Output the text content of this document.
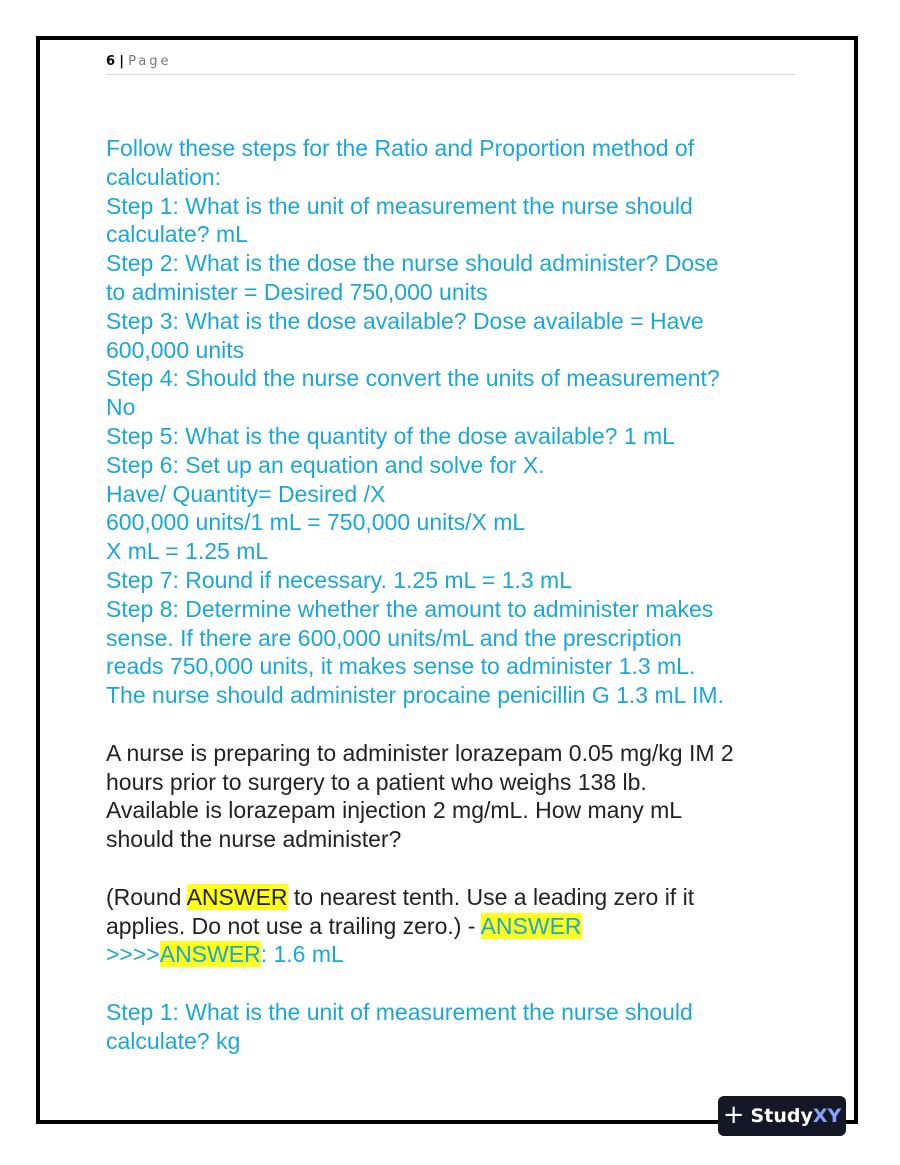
6 | Page

Follow these steps for the Ratio and Proportion method of

calculation:

Step 1: What is the unit of measurement the nurse should

calculate? mL

Step 2: What is the dose the nurse should administer? Dose

to administer = Desired 750,000 units

Step 3: What is the dose available? Dose available = Have

600,000 units

Step 4: Should the nurse convert the units of measurement?

No

Step 5: What is the quantity of the dose available? 1 mL

Step 6: Set up an equation and solve for X.

Have/ Quantity= Desired /X

600,000 units/1 mL = 750,000 units/X mL

X mL = 1.25 mL

Step 7: Round if necessary. 1.25 mL = 1.3 mL

Step 8: Determine whether the amount to administer makes

sense. If there are 600,000 units/mL and the prescription

reads 750,000 units, it makes sense to administer 1.3 mL.

The nurse should administer procaine penicillin G 1.3 mL IM.

A nurse is preparing to administer lorazepam 0.05 mg/kg IM 2

hours prior to surgery to a patient who weighs 138 lb.

Available is lorazepam injection 2 mg/mL. How many mL

should the nurse administer?

(Round ANSWER to nearest tenth. Use a leading zero if it

applies. Do not use a trailing zero.) - ANSWER

>>>>ANSWER: 1.6 mL

Step 1: What is the unit of measurement the nurse should

calculate? kg

+ StudyXY
